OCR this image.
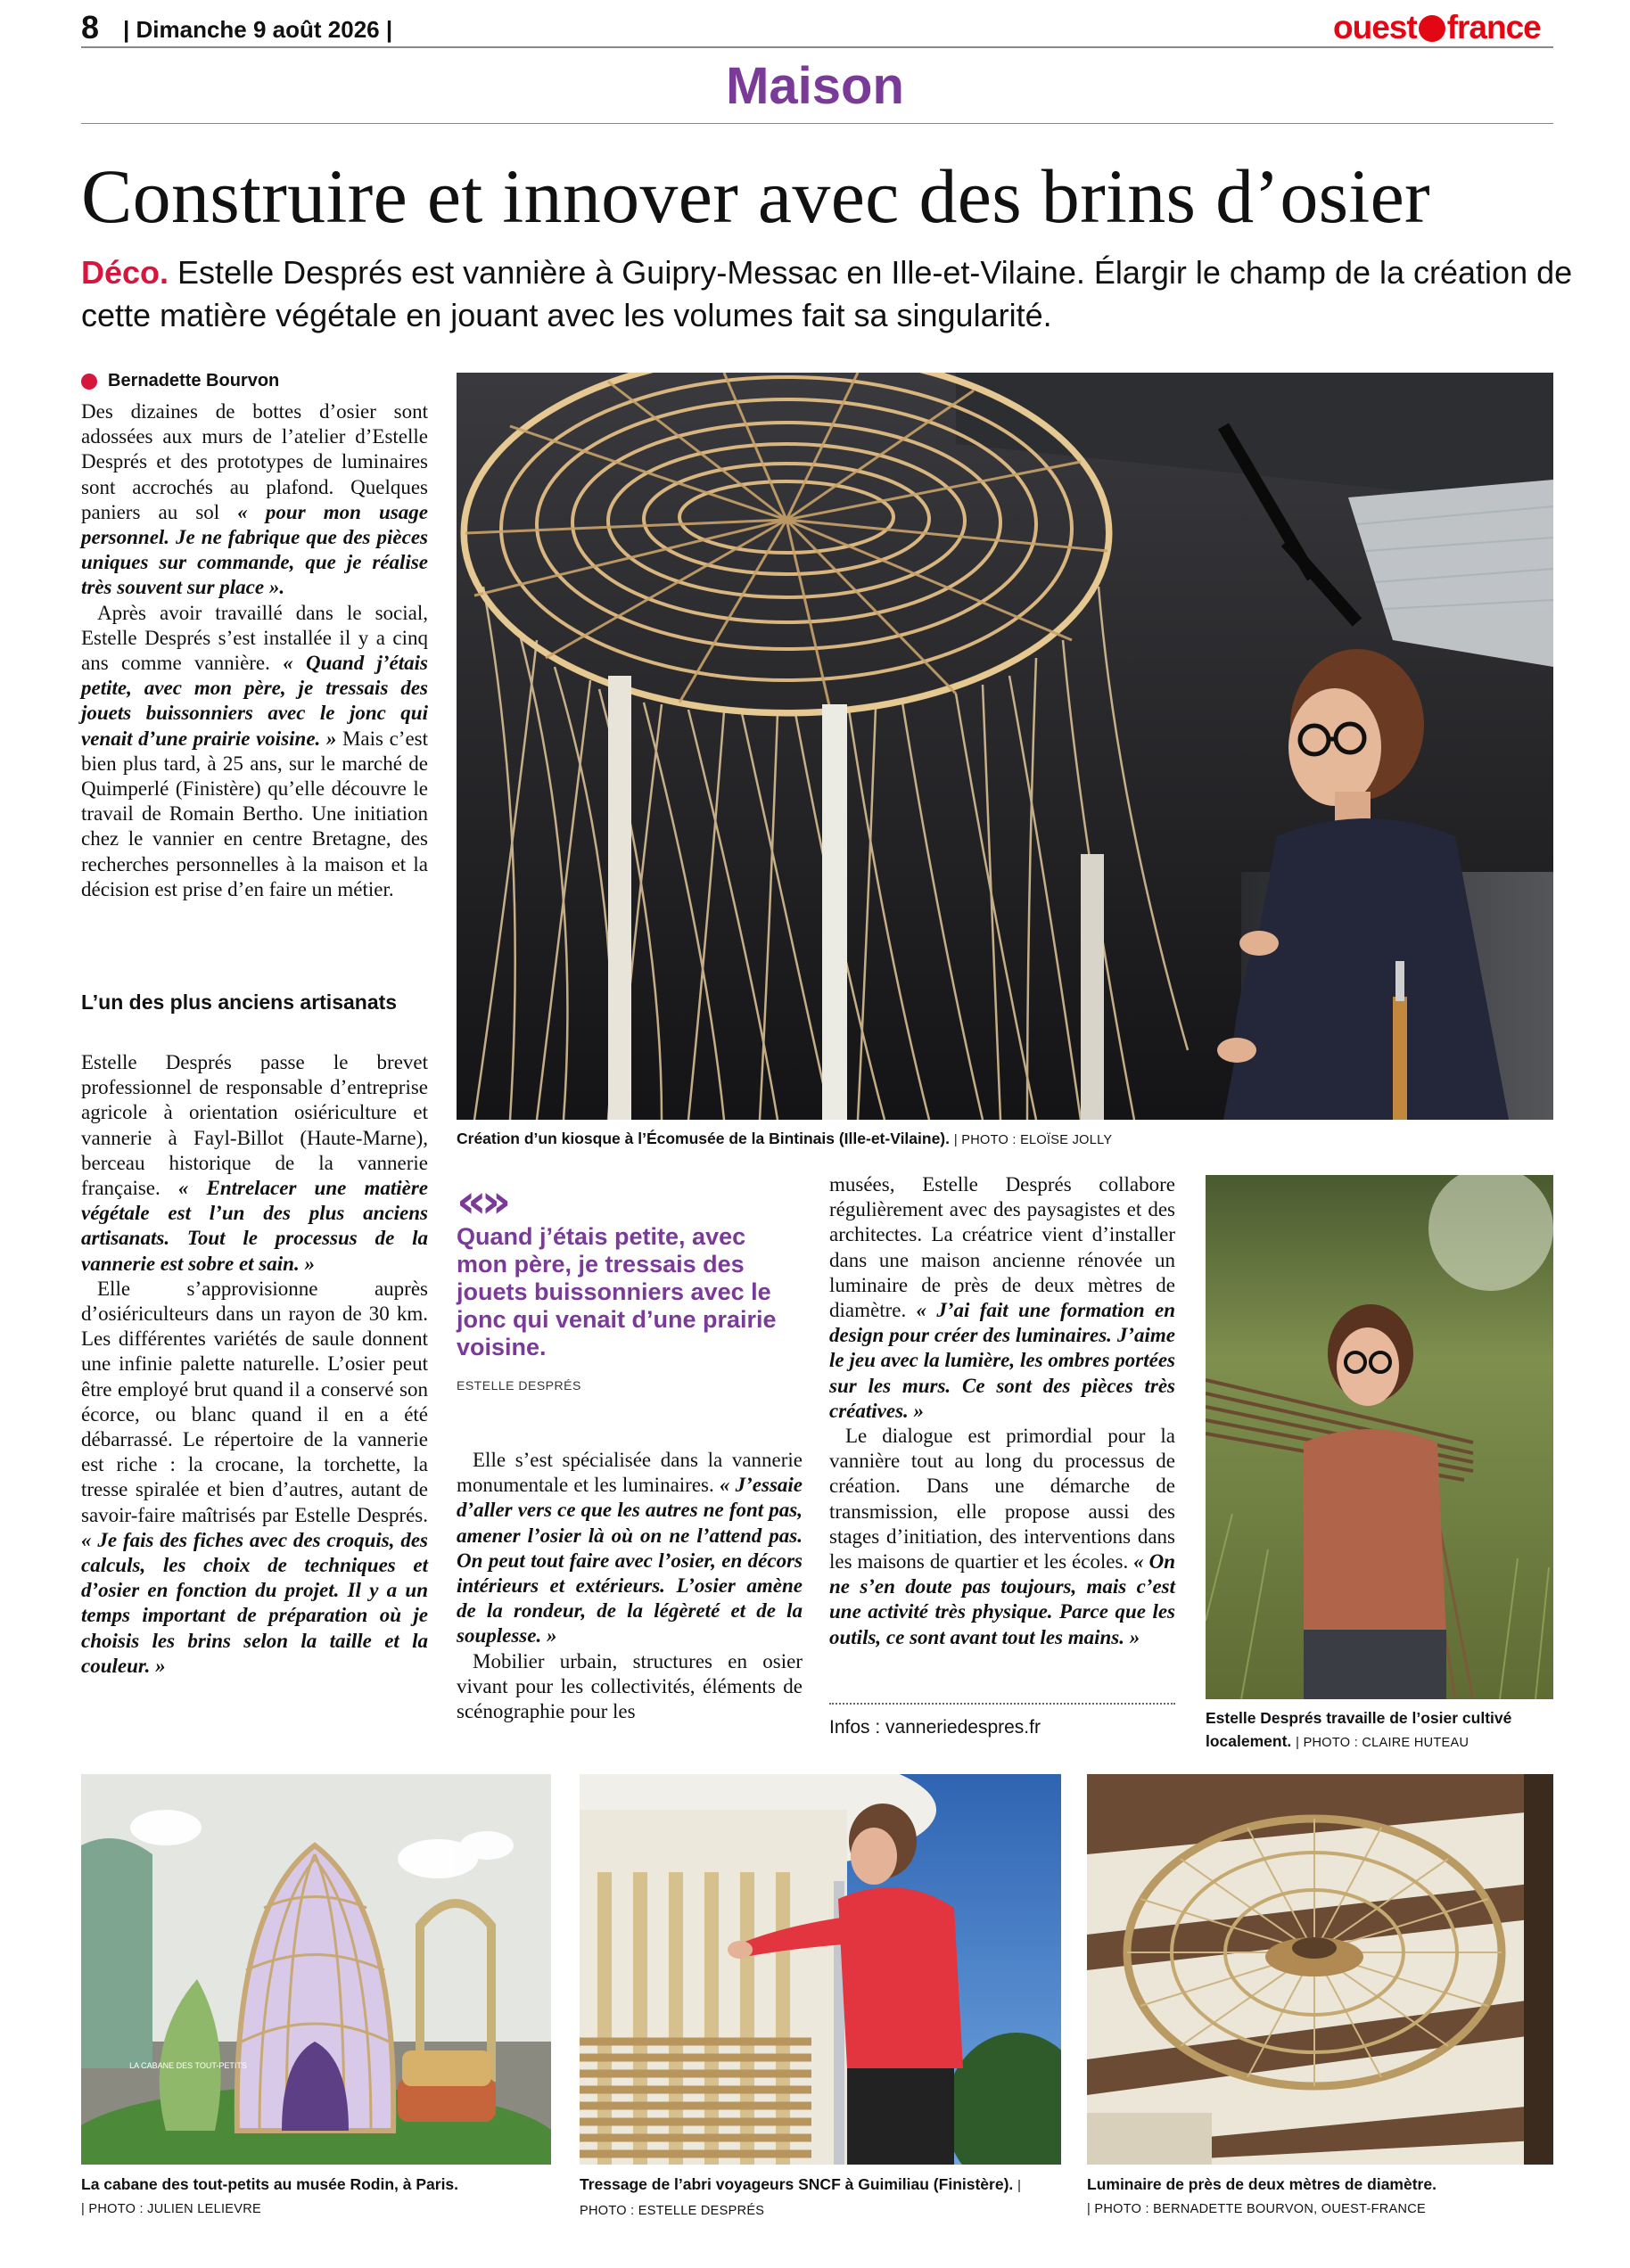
8 | Dimanche 9 août 2026 |	ouest france
Maison
Construire et innover avec des brins d’osier
Déco. Estelle Després est vannière à Guipry-Messac en Ille-et-Vilaine. Élargir le champ de la création de cette matière végétale en jouant avec les volumes fait sa singularité.
Bernadette Bourvon

Des dizaines de bottes d’osier sont adossées aux murs de l’atelier d’Estelle Després et des prototypes de luminaires sont accrochés au plafond. Quelques paniers au sol « pour mon usage personnel. Je ne fabrique que des pièces uniques sur commande, que je réalise très souvent sur place ».

Après avoir travaillé dans le social, Estelle Després s’est installée il y a cinq ans comme vannière. « Quand j’étais petite, avec mon père, je tressais des jouets buissonniers avec le jonc qui venait d’une prairie voisine. » Mais c’est bien plus tard, à 25 ans, sur le marché de Quimperlé (Finistère) qu’elle découvre le travail de Romain Bertho. Une initiation chez le vannier en centre Bretagne, des recherches personnelles à la maison et la décision est prise d’en faire un métier.

L’un des plus anciens artisanats

Estelle Després passe le brevet professionnel de responsable d’entreprise agricole à orientation osiériculture et vannerie à Fayl-Billot (Haute-Marne), berceau historique de la vannerie française. « Entrelacer une matière végétale est l’un des plus anciens artisanats. Tout le processus de la vannerie est sobre et sain. »

Elle s’approvisionne auprès d’osiériculteurs dans un rayon de 30 km. Les différentes variétés de saule donnent une infinie palette naturelle. L’osier peut être employé brut quand il a conservé son écorce, ou blanc quand il en a été débarrassé. Le répertoire de la vannerie est riche : la crocane, la torchette, la tresse spiralée et bien d’autres, autant de savoir-faire maîtrisés par Estelle Després. « Je fais des fiches avec des croquis, des calculs, les choix de techniques et d’osier en fonction du projet. Il y a un temps important de préparation où je choisis les brins selon la taille et la couleur. »

Création d’un kiosque à l’Écomusée de la Bintinais (Ille-et-Vilaine). | PHOTO : ELOÏSE JOLLY
«»
Quand j’étais petite, avec mon père, je tressais des jouets buissonniers avec le jonc qui venait d’une prairie voisine.
ESTELLE DESPRÉS

Elle s’est spécialisée dans la vannerie monumentale et les luminaires. « J’essaie d’aller vers ce que les autres ne font pas, amener l’osier là où on ne l’attend pas. On peut tout faire avec l’osier, en décors intérieurs et extérieurs. L’osier amène de la rondeur, de la légèreté et de la souplesse. »

Mobilier urbain, structures en osier vivant pour les collectivités, éléments de scénographie pour les

musées, Estelle Després collabore régulièrement avec des paysagistes et des architectes. La créatrice vient d’installer dans une maison ancienne rénovée un luminaire de près de deux mètres de diamètre. « J’ai fait une formation en design pour créer des luminaires. J’aime le jeu avec la lumière, les ombres portées sur les murs. Ce sont des pièces très créatives. »

Le dialogue est primordial pour la vannière tout au long du processus de création. Dans une démarche de transmission, elle propose aussi des stages d’initiation, des interventions dans les maisons de quartier et les écoles. « On ne s’en doute pas toujours, mais c’est une activité très physique. Parce que les outils, ce sont avant tout les mains. »

Infos : vanneriedespres.fr	Estelle Després travaille de l’osier cultivé localement. | PHOTO : CLAIRE HUTEAU
LA CABANE DES TOUT-PETITS
La cabane des tout-petits au musée Rodin, à Paris.
| PHOTO : JULIEN LELIEVRE
Tressage de l’abri voyageurs SNCF à Guimiliau (Finistère). | PHOTO : ESTELLE DESPRÉS
Luminaire de près de deux mètres de diamètre.
| PHOTO : BERNADETTE BOURVON, OUEST-FRANCE
